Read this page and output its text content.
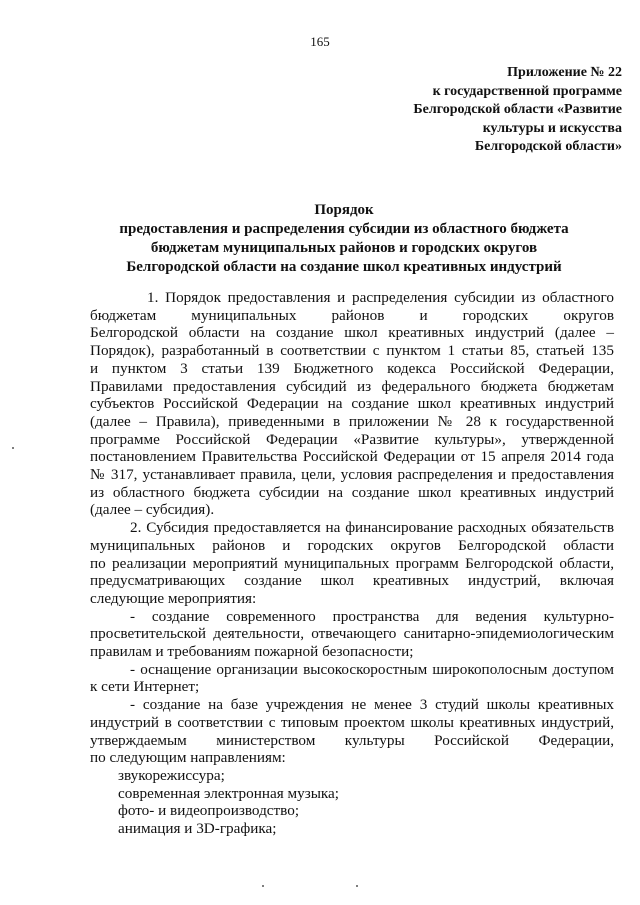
165
Приложение № 22
к государственной программе
Белгородской области «Развитие
культуры и искусства
Белгородской области»
Порядок
предоставления и распределения субсидии из областного бюджета
бюджетам муниципальных районов и городских округов
Белгородской области на создание школ креативных индустрий
1. Порядок предоставления и распределения субсидии из областного
бюджетам муниципальных районов и городских округов
Белгородской области на создание школ креативных индустрий (далее –
Порядок), разработанный в соответствии с пунктом 1 статьи 85, статьей 135
и пунктом 3 статьи 139 Бюджетного кодекса Российской Федерации,
Правилами предоставления субсидий из федерального бюджета бюджетам
субъектов Российской Федерации на создание школ креативных индустрий
(далее – Правила), приведенными в приложении № 28 к государственной
программе Российской Федерации «Развитие культуры», утвержденной
постановлением Правительства Российской Федерации от 15 апреля 2014 года
№ 317, устанавливает правила, цели, условия распределения и предоставления
из областного бюджета субсидии на создание школ креативных индустрий
(далее – субсидия).
2. Субсидия предоставляется на финансирование расходных обязательств
муниципальных районов и городских округов Белгородской области
по реализации мероприятий муниципальных программ Белгородской области,
предусматривающих создание школ креативных индустрий, включая
следующие мероприятия:
- создание современного пространства для ведения культурно-
просветительской деятельности, отвечающего санитарно-эпидемиологическим
правилам и требованиям пожарной безопасности;
- оснащение организации высокоскоростным широкополосным доступом
к сети Интернет;
- создание на базе учреждения не менее 3 студий школы креативных
индустрий в соответствии с типовым проектом школы креативных индустрий,
утверждаемым министерством культуры Российской Федерации,
по следующим направлениям:
звукорежиссура;
современная электронная музыка;
фото- и видеопроизводство;
анимация и 3D-графика;
